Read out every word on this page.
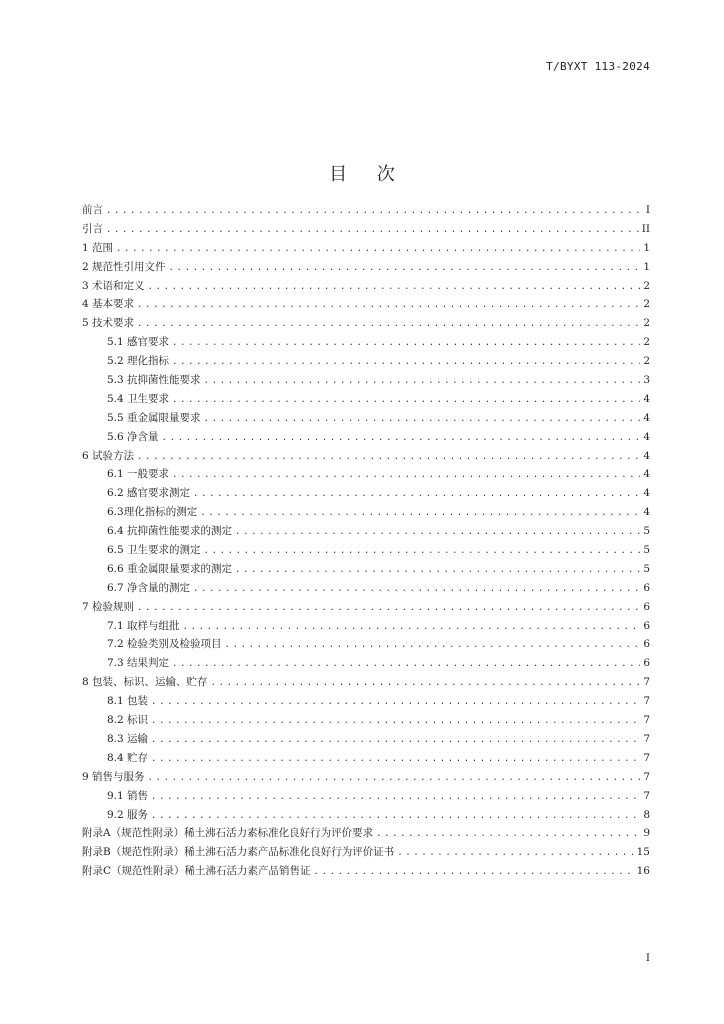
T/BYXT 113-2024
目 次
前言 .....	I
引言 .....	II
1 范围 .....	1
2 规范性引用文件 .....	1
3 术语和定义 .....	2
4 基本要求 .....	2
5 技术要求 .....	2
5.1 感官要求 .....	2
5.2 理化指标 .....	2
5.3 抗抑菌性能要求 .....	3
5.4 卫生要求 .....	4
5.5 重金属限量要求 .....	4
5.6 净含量 .....	4
6 试验方法 .....	4
6.1 一般要求 .....	4
6.2 感官要求测定 .....	4
6.3理化指标的测定 .....	4
6.4 抗抑菌性能要求的测定 .....	5
6.5 卫生要求的测定 .....	5
6.6 重金属限量要求的测定 .....	5
6.7 净含量的测定 .....	6
7 检验规则 .....	6
7.1 取样与组批 .....	6
7.2 检验类别及检验项目 .....	6
7.3 结果判定 .....	6
8 包装、标识、运输、贮存 .....	7
8.1 包装 .....	7
8.2 标识 .....	7
8.3 运输 .....	7
8.4 贮存 .....	7
9 销售与服务 .....	7
9.1 销售 .....	7
9.2 服务 .....	8
附录A（规范性附录）稀土沸石活力素标准化良好行为评价要求 .....	9
附录B（规范性附录）稀土沸石活力素产品标准化良好行为评价证书 .....	15
附录C（规范性附录）稀土沸石活力素产品销售证 .....	16
I
